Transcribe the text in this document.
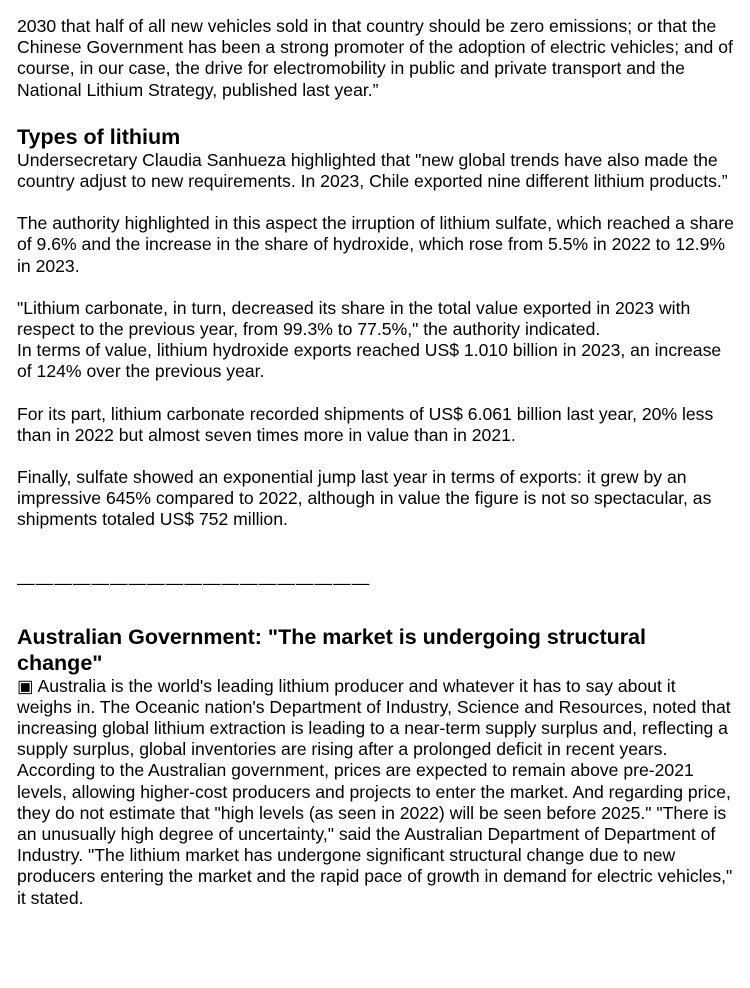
2030 that half of all new vehicles sold in that country should be zero emissions; or that the Chinese Government has been a strong promoter of the adoption of electric vehicles; and of course, in our case, the drive for electromobility in public and private transport and the National Lithium Strategy, published last year.”

Types of lithium

Undersecretary Claudia Sanhueza highlighted that "new global trends have also made the country adjust to new requirements. In 2023, Chile exported nine different lithium products.”

The authority highlighted in this aspect the irruption of lithium sulfate, which reached a share of 9.6% and the increase in the share of hydroxide, which rose from 5.5% in 2022 to 12.9% in 2023.

"Lithium carbonate, in turn, decreased its share in the total value exported in 2023 with respect to the previous year, from 99.3% to 77.5%," the authority indicated.

In terms of value, lithium hydroxide exports reached US$ 1.010 billion in 2023, an increase of 124% over the previous year.

For its part, lithium carbonate recorded shipments of US$ 6.061 billion last year, 20% less than in 2022 but almost seven times more in value than in 2021.

Finally, sulfate showed an exponential jump last year in terms of exports: it grew by an impressive 645% compared to 2022, although in value the figure is not so spectacular, as shipments totaled US$ 752 million.

———————————————————

Australian Government: "The market is undergoing structural change"

▣ Australia is the world's leading lithium producer and whatever it has to say about it weighs in. The Oceanic nation's Department of Industry, Science and Resources, noted that increasing global lithium extraction is leading to a near-term supply surplus and, reflecting a supply surplus, global inventories are rising after a prolonged deficit in recent years. According to the Australian government, prices are expected to remain above pre-2021 levels, allowing higher-cost producers and projects to enter the market. And regarding price, they do not estimate that "high levels (as seen in 2022) will be seen before 2025." "There is an unusually high degree of uncertainty," said the Australian Department of Department of Industry. "The lithium market has undergone significant structural change due to new producers entering the market and the rapid pace of growth in demand for electric vehicles," it stated.
